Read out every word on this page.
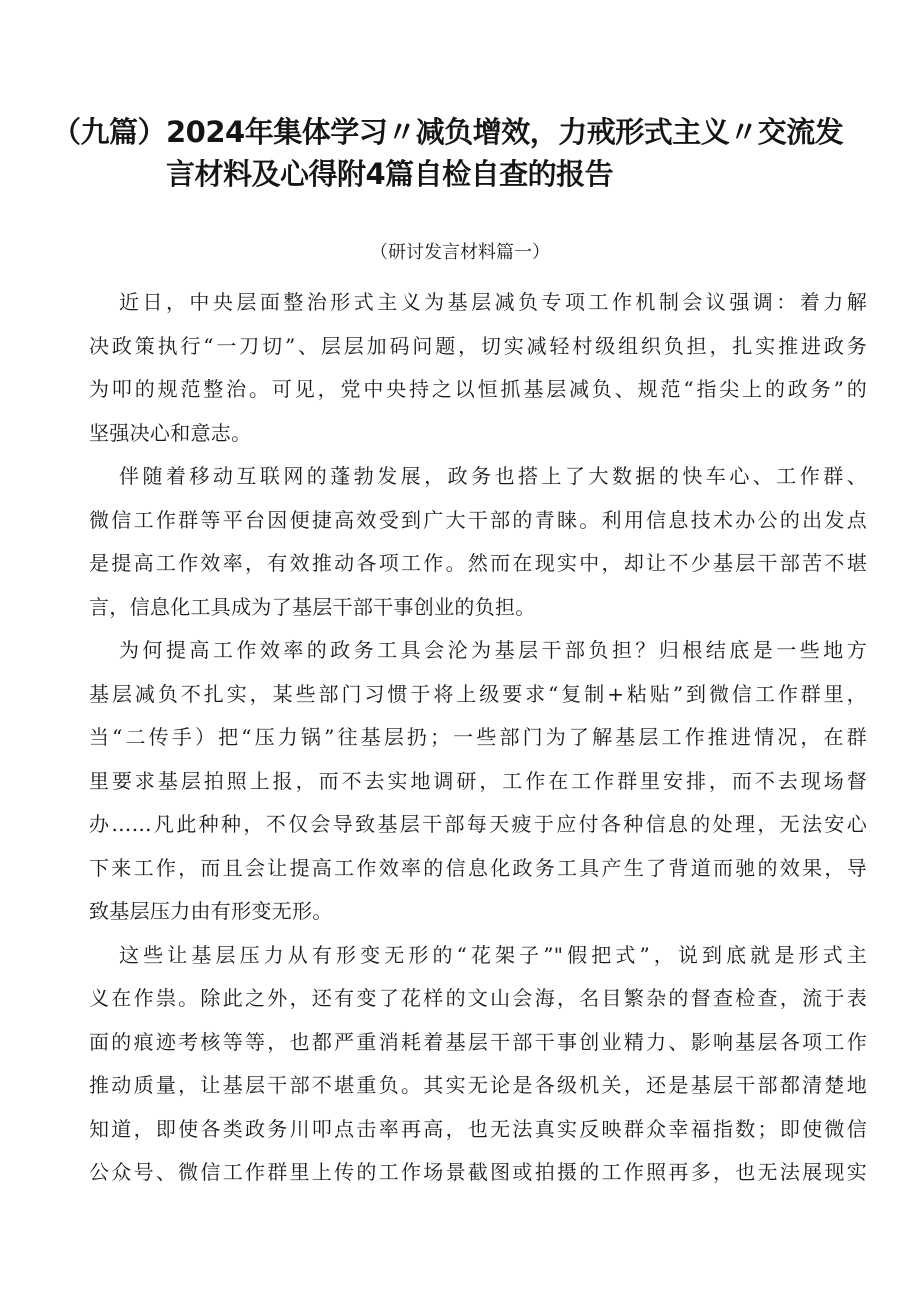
（九篇）2024年集体学习〃减负增效，力戒形式主义〃交流发
言材料及心得附4篇自检自查的报告
（研讨发言材料篇一）

近日，中央层面整治形式主义为基层减负专项工作机制会议强调：着力解
决政策执行“一刀切”、层层加码问题，切实减轻村级组织负担，扎实推进政务
为叩的规范整治。可见，党中央持之以恒抓基层减负、规范“指尖上的政务”的
坚强决心和意志。

伴随着移动互联网的蓬勃发展，政务也搭上了大数据的快车心、工作群、
微信工作群等平台因便捷高效受到广大干部的青睐。利用信息技术办公的出发点
是提高工作效率，有效推动各项工作。然而在现实中，却让不少基层干部苦不堪
言，信息化工具成为了基层干部干事创业的负担。

为何提高工作效率的政务工具会沦为基层干部负担？归根结底是一些地方
基层减负不扎实，某些部门习惯于将上级要求“复制+粘贴”到微信工作群里，
当“二传手）把“压力锅”往基层扔；一些部门为了解基层工作推进情况，在群
里要求基层拍照上报，而不去实地调研，工作在工作群里安排，而不去现场督
办……凡此种种，不仅会导致基层干部每天疲于应付各种信息的处理，无法安心
下来工作，而且会让提高工作效率的信息化政务工具产生了背道而驰的效果，导
致基层压力由有形变无形。

这些让基层压力从有形变无形的“花架子”"假把式”，说到底就是形式主
义在作祟。除此之外，还有变了花样的文山会海，名目繁杂的督查检查，流于表
面的痕迹考核等等，也都严重消耗着基层干部干事创业精力、影响基层各项工作
推动质量，让基层干部不堪重负。其实无论是各级机关，还是基层干部都清楚地
知道，即使各类政务川叩点击率再高，也无法真实反映群众幸福指数；即使微信
公众号、微信工作群里上传的工作场景截图或拍摄的工作照再多，也无法展现实
